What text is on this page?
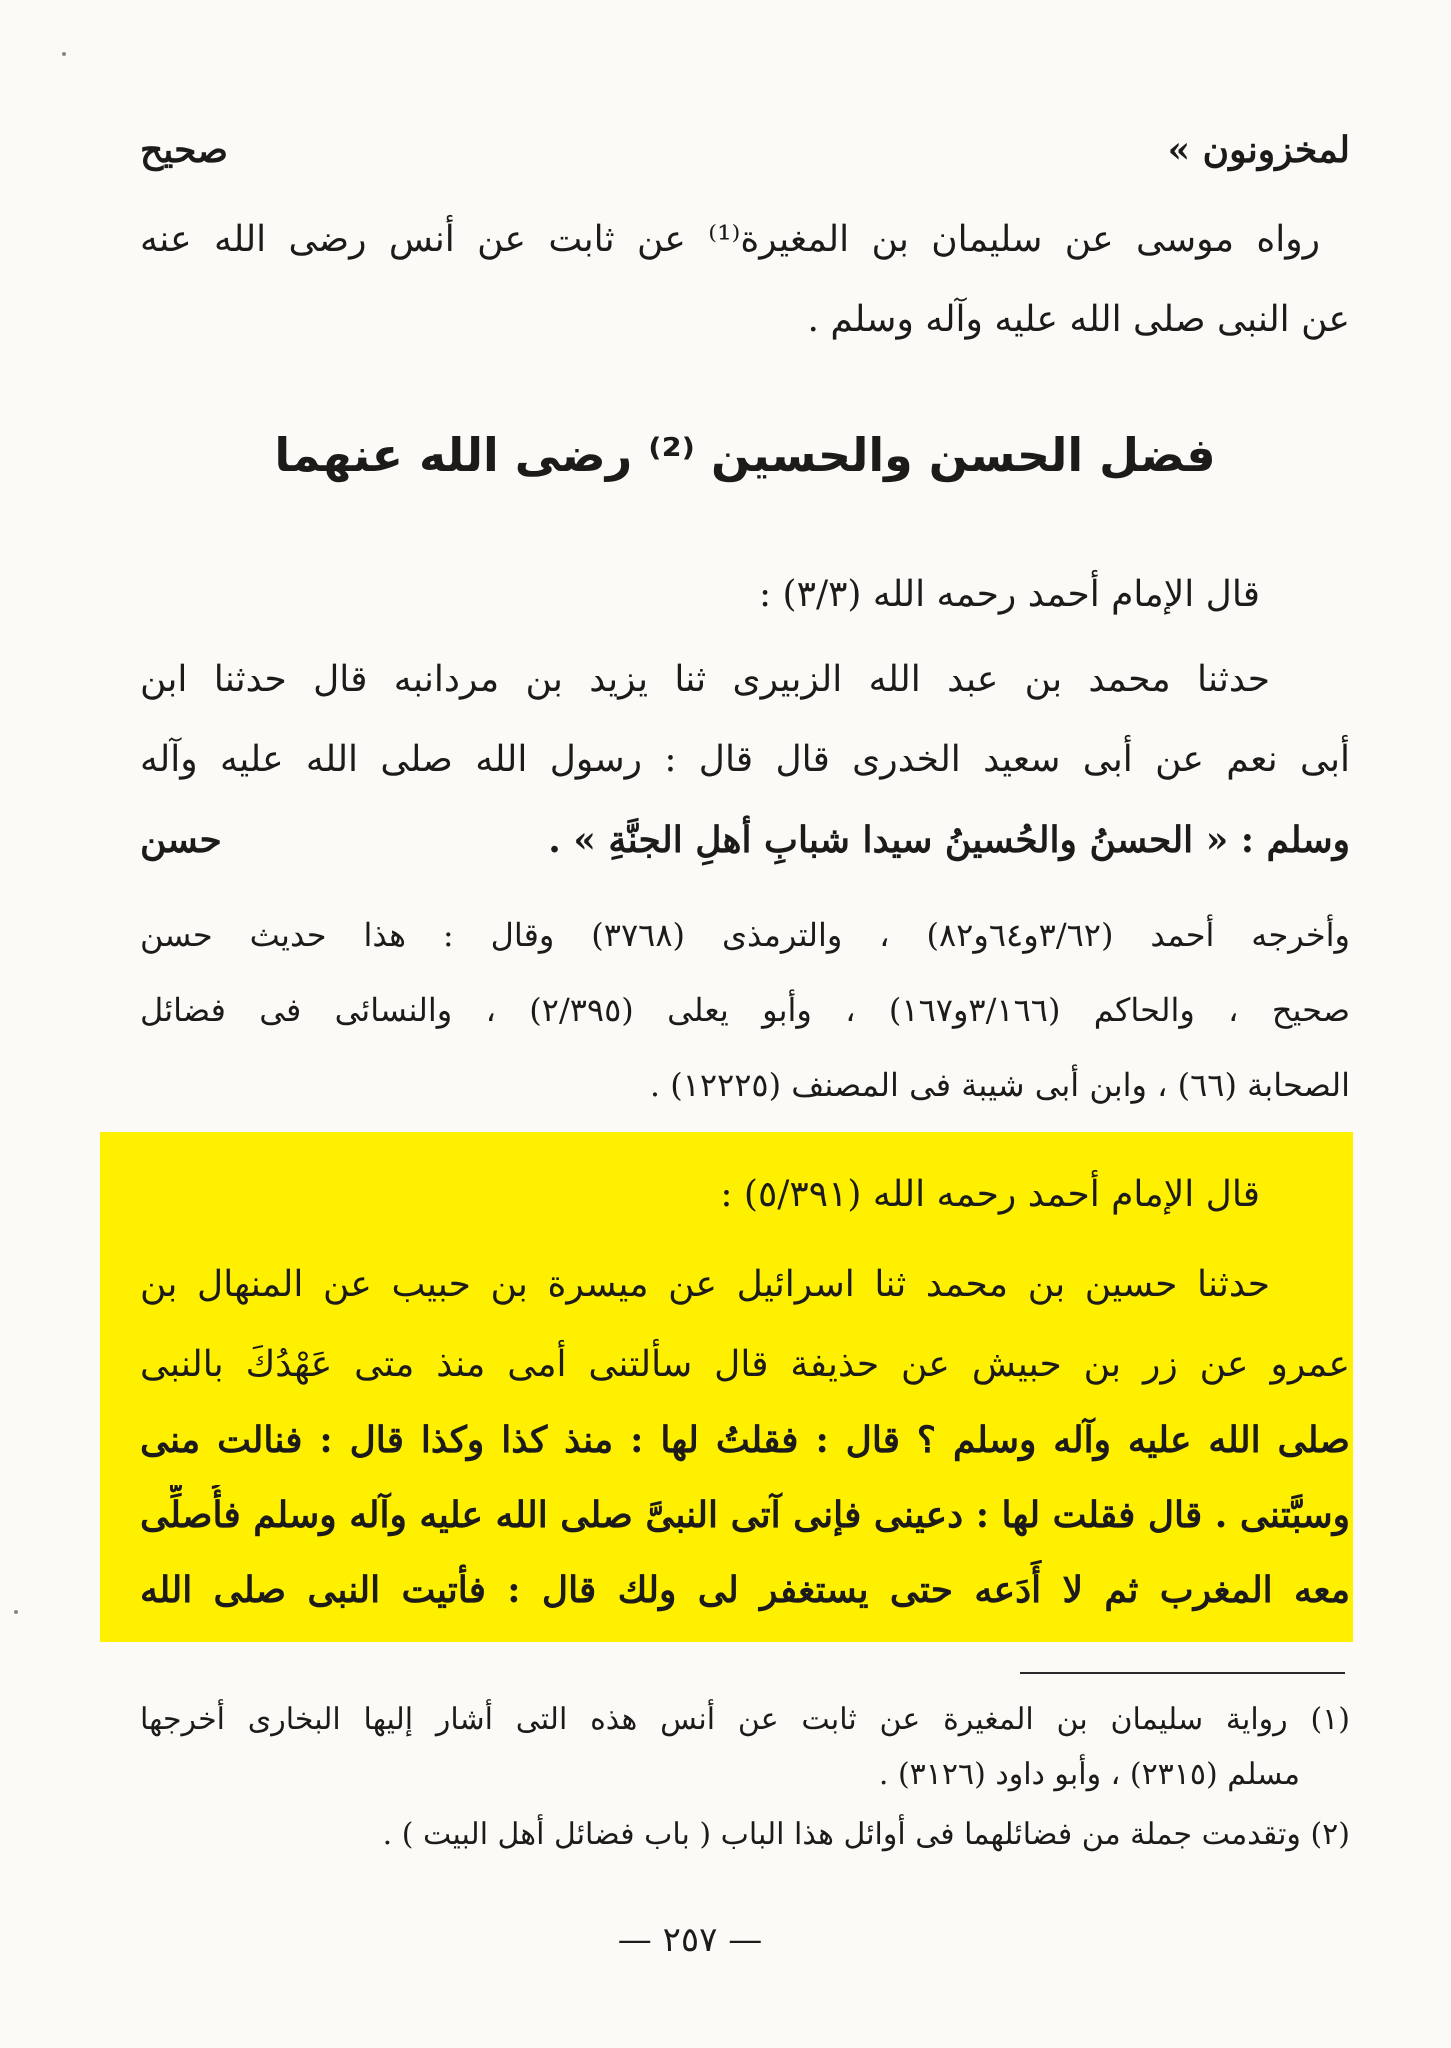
صحيح	لمخزونون »
رواه موسى عن سليمان بن المغيرة⁽¹⁾ عن ثابت عن أنس رضى الله عنه
عن النبى صلى الله عليه وآله وسلم .
فضل الحسن والحسين ⁽²⁾ رضى الله عنهما
قال الإمام أحمد رحمه الله (٣/٣) :
حدثنا محمد بن عبد الله الزبيرى ثنا يزيد بن مردانبه قال حدثنا ابن
أبى نعم عن أبى سعيد الخدرى قال قال : رسول الله صلى الله عليه وآله
وسلم : « الحسنُ والحُسينُ سيدا شبابِ أهلِ الجنَّةِ » .
حسن
وأخرجه أحمد (٣/٦٢و٦٤و٨٢) ، والترمذى (٣٧٦٨) وقال : هذا حديث حسن
صحيح ، والحاكم (٣/١٦٦و١٦٧) ، وأبو يعلى (٢/٣٩٥) ، والنسائى فى فضائل
الصحابة (٦٦) ، وابن أبى شيبة فى المصنف (١٢٢٢٥) .
قال الإمام أحمد رحمه الله (٥/٣٩١) :
حدثنا حسين بن محمد ثنا اسرائيل عن ميسرة بن حبيب عن المنهال بن
عمرو عن زر بن حبيش عن حذيفة قال سألتنى أمى منذ متى عَهْدُكَ بالنبى
صلى الله عليه وآله وسلم ؟ قال : فقلتُ لها : منذ كذا وكذا قال : فنالت منى
وسبَّتنى . قال فقلت لها : دعينى فإنى آتى النبىَّ صلى الله عليه وآله وسلم فأُصلِّى
معه المغرب ثم لا أَدَعه حتى يستغفر لى ولك قال : فأتيت النبى صلى الله
(١) رواية سليمان بن المغيرة عن ثابت عن أنس هذه التى أشار إليها البخارى أخرجها
مسلم (٢٣١٥) ، وأبو داود (٣١٢٦) .
(٢) وتقدمت جملة من فضائلهما فى أوائل هذا الباب ( باب فضائل أهل البيت ) .
— ٢٥٧ —
